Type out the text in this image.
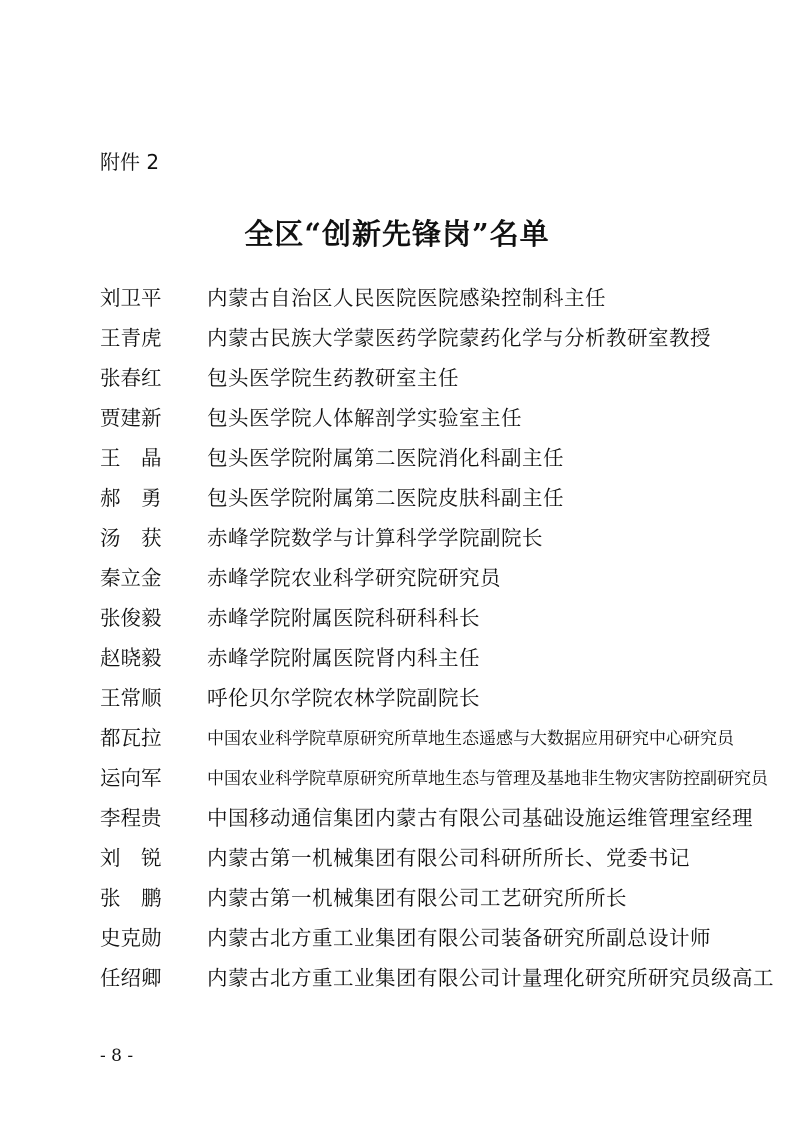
附件 2
全区“创新先锋岗”名单
刘卫平	内蒙古自治区人民医院医院感染控制科主任
王青虎	内蒙古民族大学蒙医药学院蒙药化学与分析教研室教授
张春红	包头医学院生药教研室主任
贾建新	包头医学院人体解剖学实验室主任
王　晶	包头医学院附属第二医院消化科副主任
郝　勇	包头医学院附属第二医院皮肤科副主任
汤　获	赤峰学院数学与计算科学学院副院长
秦立金	赤峰学院农业科学研究院研究员
张俊毅	赤峰学院附属医院科研科科长
赵晓毅	赤峰学院附属医院肾内科主任
王常顺	呼伦贝尔学院农林学院副院长
都瓦拉	中国农业科学院草原研究所草地生态遥感与大数据应用研究中心研究员
运向军	中国农业科学院草原研究所草地生态与管理及基地非生物灾害防控副研究员
李程贵	中国移动通信集团内蒙古有限公司基础设施运维管理室经理
刘　锐	内蒙古第一机械集团有限公司科研所所长、党委书记
张　鹏	内蒙古第一机械集团有限公司工艺研究所所长
史克勋	内蒙古北方重工业集团有限公司装备研究所副总设计师
任绍卿	内蒙古北方重工业集团有限公司计量理化研究所研究员级高工
- 8 -
